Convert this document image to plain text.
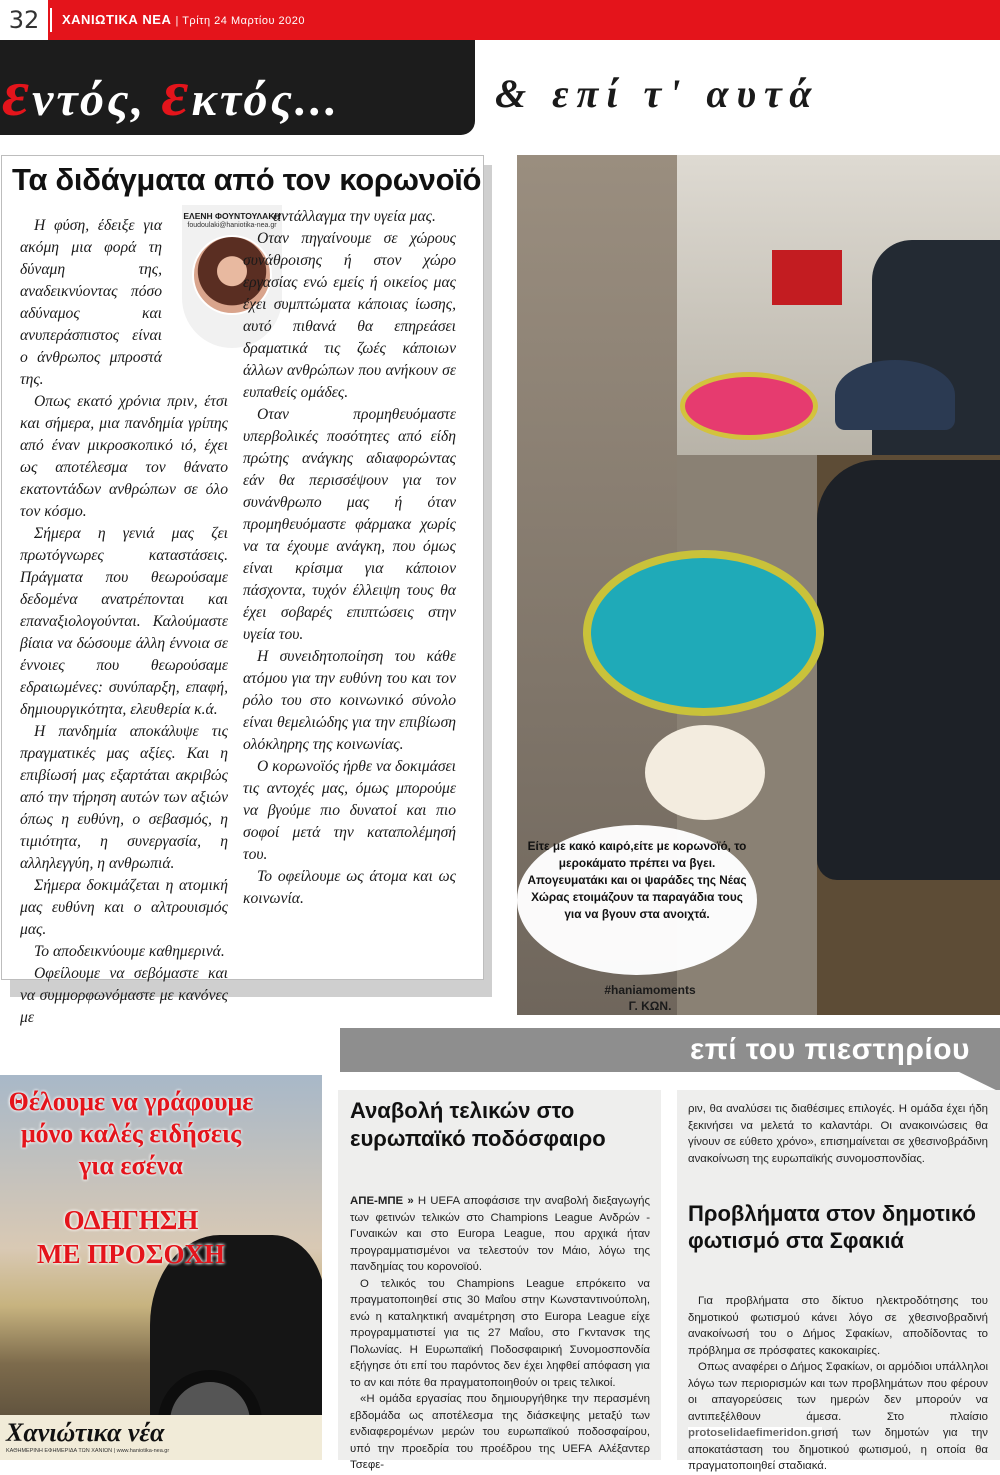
32	ΧΑΝΙΩΤΙΚΑ ΝΕΑ | Τρίτη 24 Μαρτίου 2020
εντός, εκτός...	& επί τ' αυτά
Τα διδάγματα από τον κορωνοϊό
ΕΛΕΝΗ ΦΟΥΝΤΟΥΛΑΚΗ
foudoulaki@haniotika-nea.gr

Η φύση, έδειξε για ακόμη μια φορά τη δύναμη της, αναδεικνύοντας πόσο αδύναμος και ανυπεράσπιστος είναι ο άνθρωπος μπροστά της.

Οπως εκατό χρόνια πριν, έτσι και σήμερα, μια πανδημία γρίπης από έναν μικροσκοπικό ιό, έχει ως αποτέλεσμα τον θάνατο εκατοντάδων ανθρώπων σε όλο τον κόσμο.

Σήμερα η γενιά μας ζει πρωτόγνωρες καταστάσεις. Πράγματα που θεωρούσαμε δεδομένα ανατρέπονται και επαναξιολογούνται. Καλούμαστε βίαια να δώσουμε άλλη έννοια σε έννοιες που θεωρούσαμε εδραιωμένες: συνύπαρξη, επαφή, δημιουργικότητα, ελευθερία κ.ά.

Η πανδημία αποκάλυψε τις πραγματικές μας αξίες. Και η επιβίωσή μας εξαρτάται ακριβώς από την τήρηση αυτών των αξιών όπως η ευθύνη, ο σεβασμός, η τιμιότητα, η συνεργασία, η αλληλεγγύη, η ανθρωπιά.

Σήμερα δοκιμάζεται η ατομική μας ευθύνη και ο αλτρουισμός μας.

Το αποδεικνύουμε καθημερινά.

Οφείλουμε να σεβόμαστε και να συμμορφωνόμαστε με κανόνες με

αντάλλαγμα την υγεία μας.

Οταν πηγαίνουμε σε χώρους συνάθροισης ή στον χώρο εργασίας ενώ εμείς ή οικείος μας έχει συμπτώματα κάποιας ίωσης, αυτό πιθανά θα επηρεάσει δραματικά τις ζωές κάποιων άλλων ανθρώπων που ανήκουν σε ευπαθείς ομάδες.

Οταν προμηθευόμαστε υπερβολικές ποσότητες από είδη πρώτης ανάγκης αδιαφορώντας εάν θα περισσέψουν για τον συνάνθρωπο μας ή όταν προμηθευόμαστε φάρμακα χωρίς να τα έχουμε ανάγκη, που όμως είναι κρίσιμα για κάποιον πάσχοντα, τυχόν έλλειψη τους θα έχει σοβαρές επιπτώσεις στην υγεία του.

Η συνειδητοποίηση του κάθε ατόμου για την ευθύνη του και τον ρόλο του στο κοινωνικό σύνολο είναι θεμελιώδης για την επιβίωση ολόκληρης της κοινωνίας.

Ο κορωνοϊός ήρθε να δοκιμάσει τις αντοχές μας, όμως μπορούμε να βγούμε πιο δυνατοί και πιο σοφοί μετά την καταπολέμησή του.

Το οφείλουμε ως άτομα και ως κοινωνία.

Είτε με κακό καιρό,είτε με κορωνοϊό, το μεροκάματο πρέπει να βγει. Απογευματάκι και οι ψαράδες της Νέας Χώρας ετοιμάζουν τα παραγάδια τους για να βγουν στα ανοιχτά.
#haniamoments
Γ. ΚΩΝ.
επί του πιεστηρίου
Θέλουμε να γράφουμε
μόνο καλές ειδήσεις
για εσένα
ΟΔΗΓΗΣΗ
ΜΕ ΠΡΟΣΟΧΗ
Χανιώτικα νέα
ΚΑΘΗΜΕΡΙΝΗ ΕΦΗΜΕΡΙΔΑ ΤΩΝ ΧΑΝΙΩΝ | www.haniotika-nea.gr
Αναβολή τελικών στο ευρωπαϊκό ποδόσφαιρο

ΑΠΕ-ΜΠΕ » Η UEFA αποφάσισε την αναβολή διεξαγωγής των φετινών τελικών στο Champions League Ανδρών - Γυναικών και στο Europa League, που αρχικά ήταν προγραμματισμένοι να τελεστούν τον Μάιο, λόγω της πανδημίας του κορονοϊού.

Ο τελικός του Champions League επρόκειτο να πραγματοποιηθεί στις 30 Μαΐου στην Κωνσταντινούπολη, ενώ η καταληκτική αναμέτρηση στο Europa League είχε προγραμματιστεί για τις 27 Μαΐου, στο Γκντανσκ της Πολωνίας. Η Ευρωπαϊκή Ποδοσφαιρική Συνομοσπονδία εξήγησε ότι επί του παρόντος δεν έχει ληφθεί απόφαση για το αν και πότε θα πραγματοποιηθούν οι τρεις τελικοί.

«Η ομάδα εργασίας που δημιουργήθηκε την περασμένη εβδομάδα ως αποτέλεσμα της διάσκεψης μεταξύ των ενδιαφερομένων μερών του ευρωπαϊκού ποδοσφαίρου, υπό την προεδρία του προέδρου της UEFA Αλέξαντερ Τσεφε-

ριν, θα αναλύσει τις διαθέσιμες επιλογές. Η ομάδα έχει ήδη ξεκινήσει να μελετά το καλαντάρι. Οι ανακοινώσεις θα γίνουν σε εύθετο χρόνο», επισημαίνεται σε χθεσινοβράδινη ανακοίνωση της ευρωπαϊκής συνομοσπονδίας.

Προβλήματα στον δημοτικό φωτισμό στα Σφακιά

Για προβλήματα στο δίκτυο ηλεκτροδότησης του δημοτικού φωτισμού κάνει λόγο σε χθεσινοβραδινή ανακοίνωσή του ο Δήμος Σφακίων, αποδίδοντας το πρόβλημα σε πρόσφατες κακοκαιρίες.

Οπως αναφέρει ο Δήμος Σφακίων, οι αρμόδιοι υπάλληλοι λόγω των περιορισμών και των προβλημάτων που φέρουν οι απαγορεύσεις των ημερών δεν μπορούν να αντιπεξέλθουν άμεσα. Στο πλαίσιο protoselidaefimeridon.grισή των δημοτών για την αποκατάσταση του δημοτικού φωτισμού, η οποία θα πραγματοποιηθεί σταδιακά.
